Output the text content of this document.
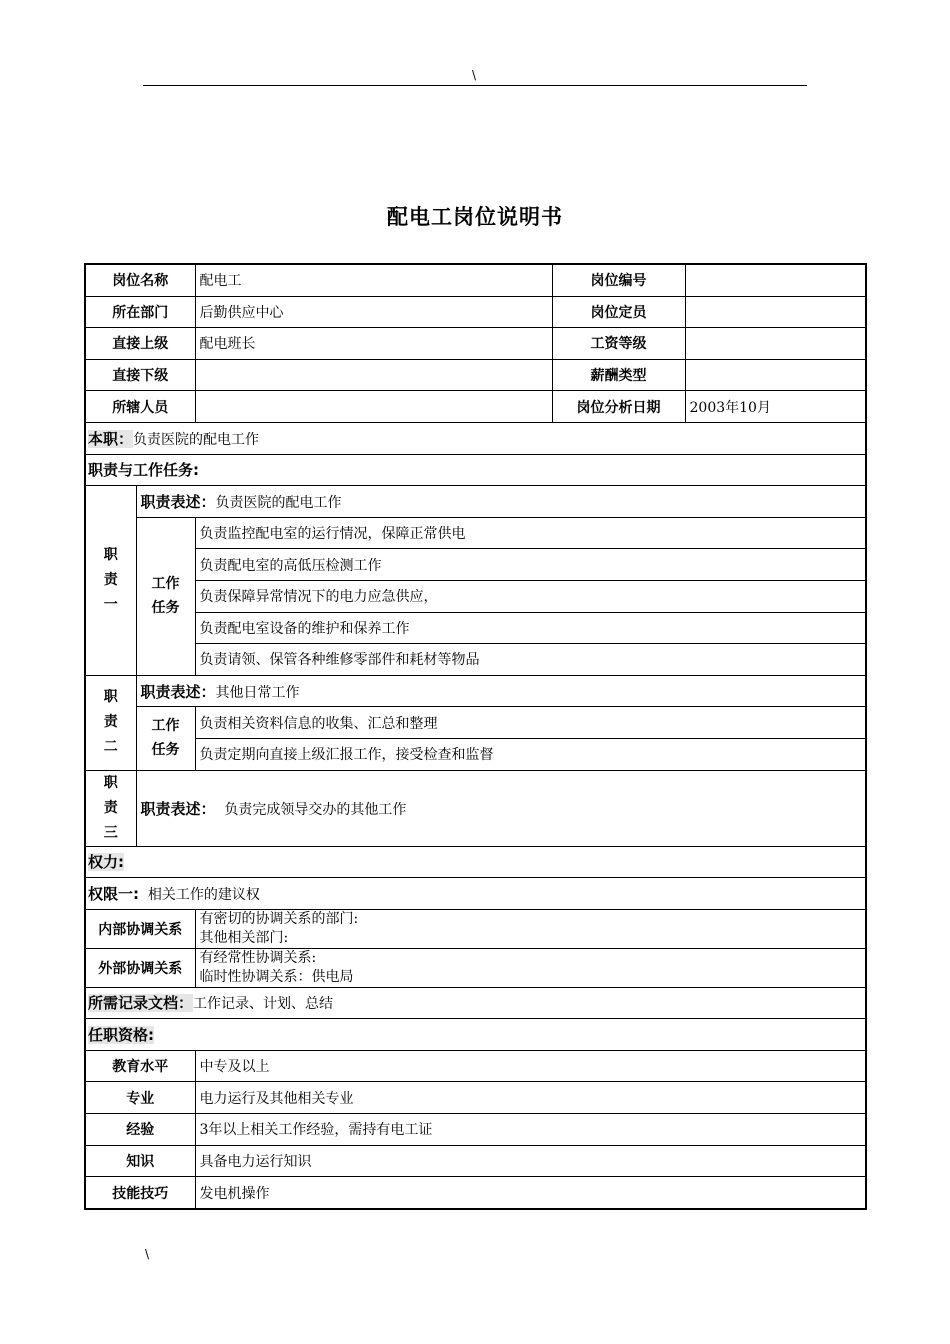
\
配电工岗位说明书
岗位名称		配电工	岗位编号	
所在部门		后勤供应中心	岗位定员	
直接上级		配电班长	工资等级	
直接下级			薪酬类型	
所辖人员			岗位分析日期	2003年10月
本职：负责医院的配电工作				
职责与工作任务:				
职
责
一	职责表述：负责医院的配电工作			
	工作
任务	负责监控配电室的运行情况，保障正常供电		
		负责配电室的高低压检测工作		
		负责保障异常情况下的电力应急供应，		
		负责配电室设备的维护和保养工作		
		负责请领、保管各种维修零部件和耗材等物品		
职
责
二	职责表述：其他日常工作			
	工作
任务	负责相关资料信息的收集、汇总和整理		
		负责定期向直接上级汇报工作，接受检查和监督		
职
责
三	职责表述： 负责完成领导交办的其他工作			
权力:				
权限一: 相关工作的建议权				
内部协调关系		有密切的协调关系的部门:
其他相关部门:		
外部协调关系		有经常性协调关系:
临时性协调关系：供电局		
所需记录文档：工作记录、计划、总结				
任职资格:				
教育水平		中专及以上		
专业		电力运行及其他相关专业		
经验		3年以上相关工作经验，需持有电工证		
知识		具备电力运行知识		
技能技巧		发电机操作		
\
